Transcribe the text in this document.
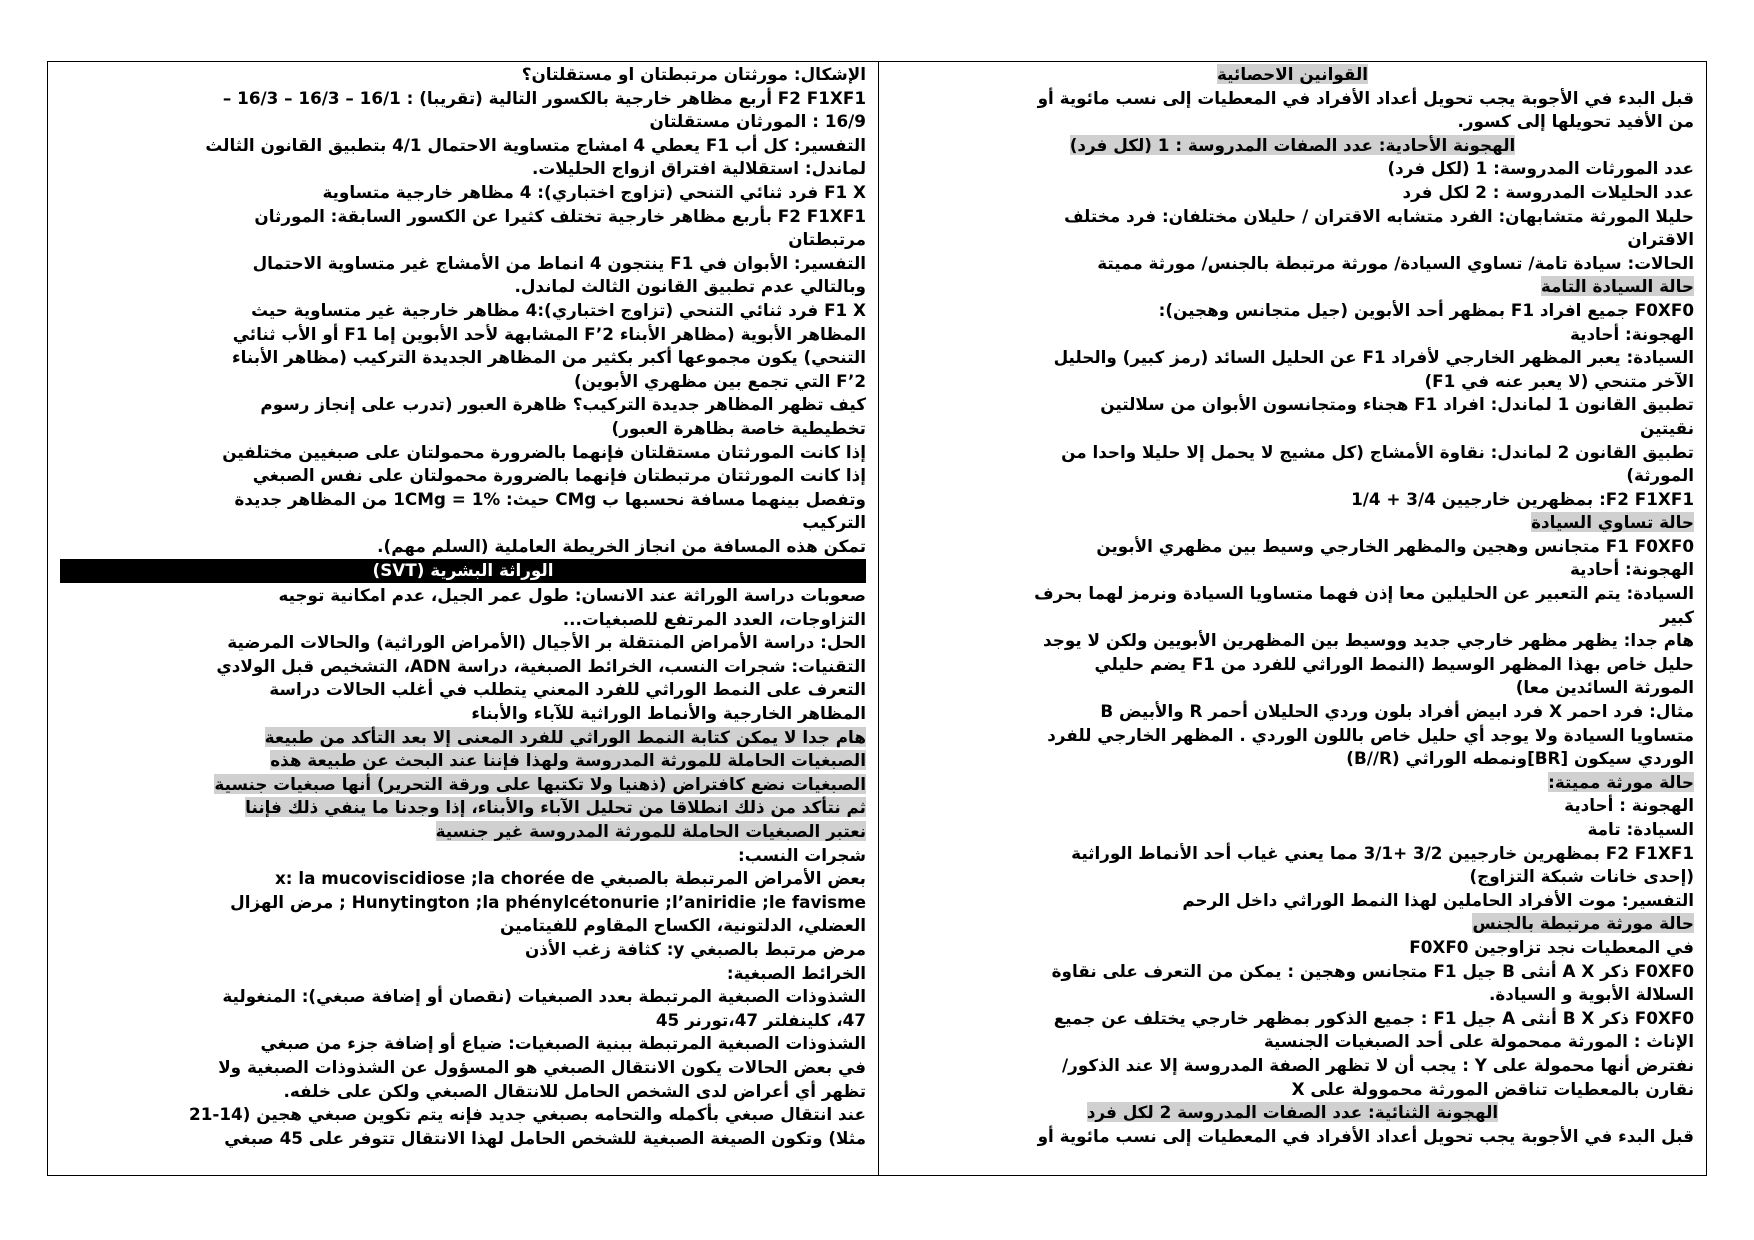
القوانين الاحصائية
قبل البدء في الأجوبة يجب تحويل أعداد الأفراد في المعطيات إلى نسب مائوية أو
من الأفيد تحويلها إلى كسور.
الهجونة الأحادية: عدد الصفات المدروسة : 1 (لكل فرد)
عدد المورثات المدروسة: 1 (لكل فرد)
عدد الحليلات المدروسة : 2 لكل فرد
حليلا المورثة متشابهان: الفرد متشابه الاقتران / حليلان مختلفان: فرد مختلف
الاقتران
الحالات: سيادة تامة/ تساوي السيادة/ مورثة مرتبطة بالجنس/ مورثة مميتة
حالة السيادة التامة
F0XF0 جميع افراد F1 بمظهر أحد الأبوين (جيل متجانس وهجين):
الهجونة: أحادية
السيادة: يعبر المظهر الخارجي لأفراد F1 عن الحليل السائد (رمز كبير) والحليل
الآخر متنحي (لا يعبر عنه في F1)
تطبيق القانون 1 لماندل: افراد F1 هجناء ومتجانسون الأبوان من سلالتين
نقيتين
تطبيق القانون 2 لماندل: نقاوة الأمشاج (كل مشيج لا يحمل إلا حليلا واحدا من
المورثة)
F2 F1XF1: بمظهرين خارجيين 3/4 + 1/4
حالة تساوي السيادة
F1 F0XF0 متجانس وهجين والمظهر الخارجي وسيط بين مظهري الأبوين
الهجونة: أحادية
السيادة: يتم التعبير عن الحليلين معا إذن فهما متساويا السيادة ونرمز لهما بحرف
كبير
هام جدا: يظهر مظهر خارجي جديد ووسيط بين المظهرين الأبويين ولكن لا يوجد
حليل خاص بهذا المظهر الوسيط (النمط الوراثي للفرد من F1 يضم حليلي
المورثة السائدين معا)
مثال: فرد احمر X فرد ابيض أفراد بلون وردي الحليلان أحمر R والأبيض B
متساويا السيادة ولا يوجد أي حليل خاص باللون الوردي . المظهر الخارجي للفرد
الوردي سيكون [BR]ونمطه الوراثي (B//R)
حالة مورثة مميتة:
الهجونة : أحادية
السيادة: تامة
F2 F1XF1 بمظهرين خارجيين 3/2 +3/1 مما يعني غياب أحد الأنماط الوراثية
(إحدى خانات شبكة التزاوج)
التفسير: موت الأفراد الحاملين لهذا النمط الوراثي داخل الرحم
حالة مورثة مرتبطة بالجنس
في المعطيات نجد تزاوجين F0XF0
F0XF0 ذكر A X أنثى B جيل F1 متجانس وهجين : يمكن من التعرف على نقاوة
السلالة الأبوية و السيادة.
F0XF0 ذكر B X أنثى A جيل F1 : جميع الذكور بمظهر خارجي يختلف عن جميع
الإناث : المورثة ممحمولة على أحد الصبغيات الجنسية
نفترض أنها محمولة على Y : يجب أن لا تظهر الصفة المدروسة إلا عند الذكور/
نقارن بالمعطيات تناقض المورثة محموولة على X
الهجونة الثنائية: عدد الصفات المدروسة 2 لكل فرد
قبل البدء في الأجوبة يجب تحويل أعداد الأفراد في المعطيات إلى نسب مائوية أو
الإشكال: مورثتان مرتبطتان او مستقلتان؟
F2 F1XF1 أربع مظاهر خارجية بالكسور التالية (تقريبا) : 16/1 – 16/3 – 16/3 –
16/9 : المورثان مستقلتان
التفسير: كل أب F1 يعطي 4 امشاج متساوية الاحتمال 4/1 بتطبيق القانون الثالث
لماندل: استقلالية افتراق ازواج الحليلات.
F1 X فرد ثنائي التنحي (تزاوج اختباري): 4 مظاهر خارجية متساوية
F2 F1XF1 بأربع مظاهر خارجية تختلف كثيرا عن الكسور السابقة: المورثان
مرتبطتان
التفسير: الأبوان في F1 ينتجون 4 انماط من الأمشاج غير متساوية الاحتمال
وبالتالي عدم تطبيق القانون الثالث لماندل.
F1 X فرد ثنائي التنحي (تزاوج اختباري):4 مظاهر خارجية غير متساوية حيث
المظاهر الأبوية (مظاهر الأبناء F’2 المشابهة لأحد الأبوين إما F1 أو الأب ثنائي
التنحي) يكون مجموعها أكبر بكثير من المظاهر الجديدة التركيب (مظاهر الأبناء
F’2 التي تجمع بين مظهري الأبوين)
كيف تظهر المظاهر جديدة التركيب؟ ظاهرة العبور (تدرب على إنجاز رسوم
تخطيطية خاصة بظاهرة العبور)
إذا كانت المورثتان مستقلتان فإنهما بالضرورة محمولتان على صبغيين مختلفين
إذا كانت المورثتان مرتبطتان فإنهما بالضرورة محمولتان على نفس الصبغي
وتفصل بينهما مسافة نحسبها ب CMg حيث: %1 = 1CMg من المظاهر جديدة
التركيب
تمكن هذه المسافة من انجاز الخريطة العاملية (السلم مهم).
الوراثة البشرية (SVT)
صعوبات دراسة الوراثة عند الانسان: طول عمر الجيل، عدم امكانية توجيه
التزاوجات، العدد المرتفع للصبغيات...
الحل: دراسة الأمراض المنتقلة بر الأجيال (الأمراض الوراثية) والحالات المرضية
التقنيات: شجرات النسب، الخرائط الصبغية، دراسة ADN، التشخيص قبل الولادي
التعرف على النمط الوراثي للفرد المعني يتطلب في أغلب الحالات دراسة
المظاهر الخارجية والأنماط الوراثية للآباء والأبناء
هام جدا لا يمكن كتابة النمط الوراثي للفرد المعنى إلا بعد التأكد من طبيعة
الصبغيات الحاملة للمورثة المدروسة ولهذا فإننا عند البحث عن طبيعة هذه
الصبغيات نضع كافتراض (ذهنيا ولا تكتبها على ورقة التحرير) أنها صبغيات جنسية
ثم نتأكد من ذلك انطلاقا من تحليل الآباء والأبناء، إذا وجدنا ما ينفي ذلك فإننا
نعتبر الصبغيات الحاملة للمورثة المدروسة غير جنسية
شجرات النسب:
بعض الأمراض المرتبطة بالصبغي x: la mucoviscidiose ;la chorée de
Hunytington ;la phénylcétonurie ;l’aniridie ;le favisme ; مرض الهزال
العضلي، الدلتونية، الكساح المقاوم للفيتامين
مرض مرتبط بالصبغي y: كثافة زغب الأذن
الخرائط الصبغية:
الشذوذات الصبغية المرتبطة بعدد الصبغيات (نقصان أو إضافة صبغي): المنغولية
47، كلينفلتر 47،تورنر 45
الشذوذات الصبغية المرتبطة ببنية الصبغيات: ضياع أو إضافة جزء من صبغي
في بعض الحالات يكون الانتقال الصبغي هو المسؤول عن الشذوذات الصبغية ولا
تظهر أي أعراض لدى الشخص الحامل للانتقال الصبغي ولكن على خلفه.
عند انتقال صبغي بأكمله والتحامه بصبغي جديد فإنه يتم تكوين صبغي هجين (14-21
مثلا) وتكون الصيغة الصبغية للشخص الحامل لهذا الانتقال تتوفر على 45 صبغي
